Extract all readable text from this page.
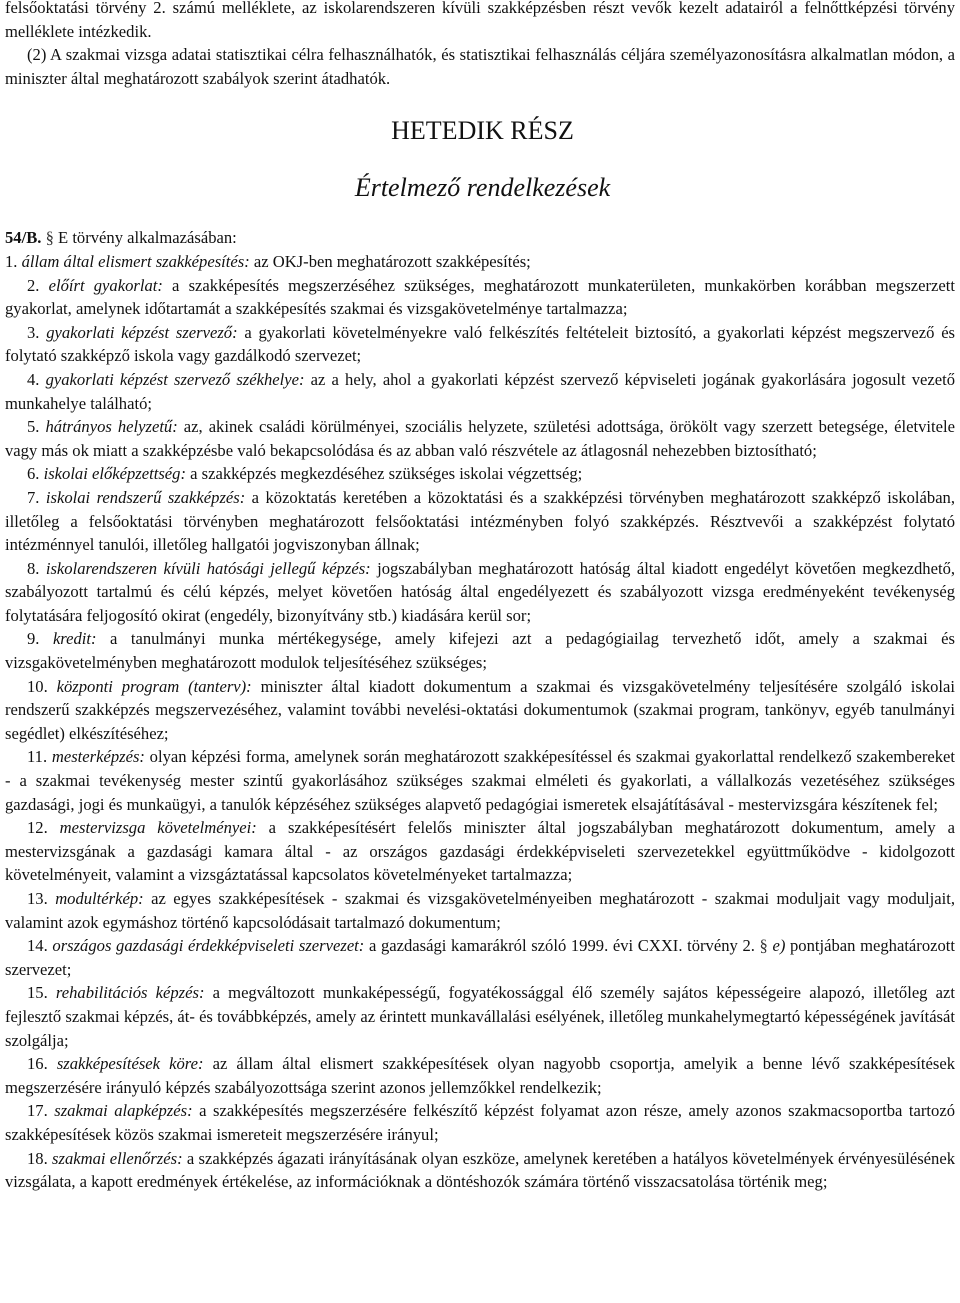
felsőoktatási törvény 2. számú melléklete, az iskolarendszeren kívüli szakképzésben részt vevők kezelt adatairól a felnőttképzési törvény melléklete intézkedik.

(2) A szakmai vizsga adatai statisztikai célra felhasználhatók, és statisztikai felhasználás céljára személyazonosításra alkalmatlan módon, a miniszter által meghatározott szabályok szerint átadhatók.

HETEDIK RÉSZ
Értelmező rendelkezések

54/B. § E törvény alkalmazásában:

1. állam által elismert szakképesítés: az OKJ-ben meghatározott szakképesítés;

2. előírt gyakorlat: a szakképesítés megszerzéséhez szükséges, meghatározott munkaterületen, munkakörben korábban megszerzett gyakorlat, amelynek időtartamát a szakképesítés szakmai és vizsgakövetelménye tartalmazza;

3. gyakorlati képzést szervező: a gyakorlati követelményekre való felkészítés feltételeit biztosító, a gyakorlati képzést megszervező és folytató szakképző iskola vagy gazdálkodó szervezet;

4. gyakorlati képzést szervező székhelye: az a hely, ahol a gyakorlati képzést szervező képviseleti jogának gyakorlására jogosult vezető munkahelye található;

5. hátrányos helyzetű: az, akinek családi körülményei, szociális helyzete, születési adottsága, örökölt vagy szerzett betegsége, életvitele vagy más ok miatt a szakképzésbe való bekapcsolódása és az abban való részvétele az átlagosnál nehezebben biztosítható;

6. iskolai előképzettség: a szakképzés megkezdéséhez szükséges iskolai végzettség;

7. iskolai rendszerű szakképzés: a közoktatás keretében a közoktatási és a szakképzési törvényben meghatározott szakképző iskolában, illetőleg a felsőoktatási törvényben meghatározott felsőoktatási intézményben folyó szakképzés. Résztvevői a szakképzést folytató intézménnyel tanulói, illetőleg hallgatói jogviszonyban állnak;

8. iskolarendszeren kívüli hatósági jellegű képzés: jogszabályban meghatározott hatóság által kiadott engedélyt követően megkezdhető, szabályozott tartalmú és célú képzés, melyet követően hatóság által engedélyezett és szabályozott vizsga eredményeként tevékenység folytatására feljogosító okirat (engedély, bizonyítvány stb.) kiadására kerül sor;

9. kredit: a tanulmányi munka mértékegysége, amely kifejezi azt a pedagógiailag tervezhető időt, amely a szakmai és vizsgakövetelményben meghatározott modulok teljesítéséhez szükséges;

10. központi program (tanterv): miniszter által kiadott dokumentum a szakmai és vizsgakövetelmény teljesítésére szolgáló iskolai rendszerű szakképzés megszervezéséhez, valamint további nevelési-oktatási dokumentumok (szakmai program, tankönyv, egyéb tanulmányi segédlet) elkészítéséhez;

11. mesterképzés: olyan képzési forma, amelynek során meghatározott szakképesítéssel és szakmai gyakorlattal rendelkező szakembereket - a szakmai tevékenység mester szintű gyakorlásához szükséges szakmai elméleti és gyakorlati, a vállalkozás vezetéséhez szükséges gazdasági, jogi és munkaügyi, a tanulók képzéséhez szükséges alapvető pedagógiai ismeretek elsajátításával - mestervizsgára készítenek fel;

12. mestervizsga követelményei: a szakképesítésért felelős miniszter által jogszabályban meghatározott dokumentum, amely a mestervizsgának a gazdasági kamara által - az országos gazdasági érdekképviseleti szervezetekkel együttműködve - kidolgozott követelményeit, valamint a vizsgáztatással kapcsolatos követelményeket tartalmazza;

13. modultérkép: az egyes szakképesítések - szakmai és vizsgakövetelményeiben meghatározott - szakmai moduljait vagy moduljait, valamint azok egymáshoz történő kapcsolódásait tartalmazó dokumentum;

14. országos gazdasági érdekképviseleti szervezet: a gazdasági kamarákról szóló 1999. évi CXXI. törvény 2. § e) pontjában meghatározott szervezet;

15. rehabilitációs képzés: a megváltozott munkaképességű, fogyatékossággal élő személy sajátos képességeire alapozó, illetőleg azt fejlesztő szakmai képzés, át- és továbbképzés, amely az érintett munkavállalási esélyének, illetőleg munkahelymegtartó képességének javítását szolgálja;

16. szakképesítések köre: az állam által elismert szakképesítések olyan nagyobb csoportja, amelyik a benne lévő szakképesítések megszerzésére irányuló képzés szabályozottsága szerint azonos jellemzőkkel rendelkezik;

17. szakmai alapképzés: a szakképesítés megszerzésére felkészítő képzést folyamat azon része, amely azonos szakmacsoportba tartozó szakképesítések közös szakmai ismereteit megszerzésére irányul;

18. szakmai ellenőrzés: a szakképzés ágazati irányításának olyan eszköze, amelynek keretében a hatályos követelmények érvényesülésének vizsgálata, a kapott eredmények értékelése, az információknak a döntéshozók számára történő visszacsatolása történik meg;
